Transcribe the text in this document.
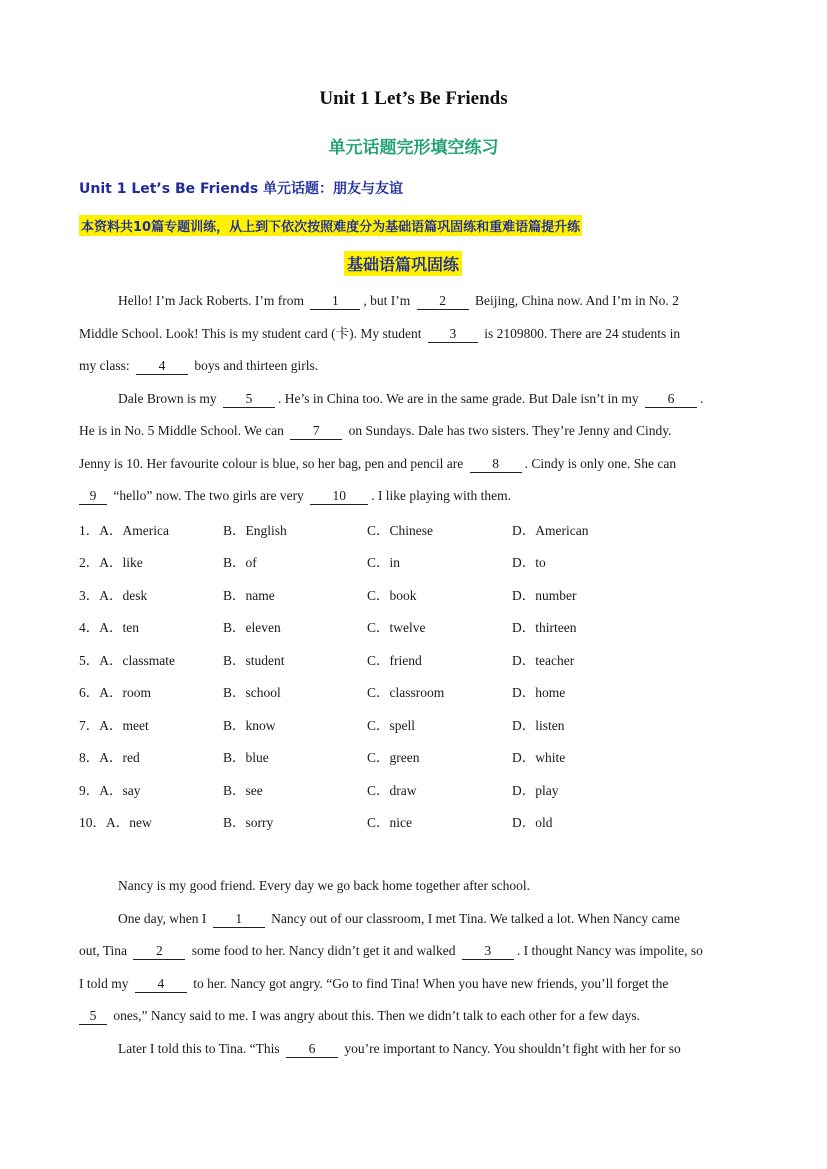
Unit 1 Let’s Be Friends
单元话题完形填空练习
Unit 1 Let’s Be Friends 单元话题：朋友与友谊
本资料共10篇专题训练，从上到下依次按照难度分为基础语篇巩固练和重难语篇提升练
基础语篇巩固练
Hello! I’m Jack Roberts. I’m from 1 , but I’m 2 Beijing, China now. And I’m in No. 2
Middle School. Look! This is my student card (卡). My student 3 is 2109800. There are 24 students in
my class: 4 boys and thirteen girls.
Dale Brown is my 5 . He’s in China too. We are in the same grade. But Dale isn’t in my 6 .
He is in No. 5 Middle School. We can 7 on Sundays. Dale has two sisters. They’re Jenny and Cindy.
Jenny is 10. Her favourite colour is blue, so her bag, pen and pencil are 8 . Cindy is only one. She can
9 “hello” now. The two girls are very 10 . I like playing with them.
1．A．America	B．English	C．Chinese	D．American
2．A．like	B．of	C．in	D．to
3．A．desk	B．name	C．book	D．number
4．A．ten	B．eleven	C．twelve	D．thirteen
5．A．classmate	B．student	C．friend	D．teacher
6．A．room	B．school	C．classroom	D．home
7．A．meet	B．know	C．spell	D．listen
8．A．red	B．blue	C．green	D．white
9．A．say	B．see	C．draw	D．play
10．A．new	B．sorry	C．nice	D．old
Nancy is my good friend. Every day we go back home together after school.
One day, when I 1 Nancy out of our classroom, I met Tina. We talked a lot. When Nancy came
out, Tina 2 some food to her. Nancy didn’t get it and walked 3 . I thought Nancy was impolite, so
I told my 4 to her. Nancy got angry. “Go to find Tina! When you have new friends, you’ll forget the
5 ones,” Nancy said to me. I was angry about this. Then we didn’t talk to each other for a few days.
Later I told this to Tina. “This 6 you’re important to Nancy. You shouldn’t fight with her for so
